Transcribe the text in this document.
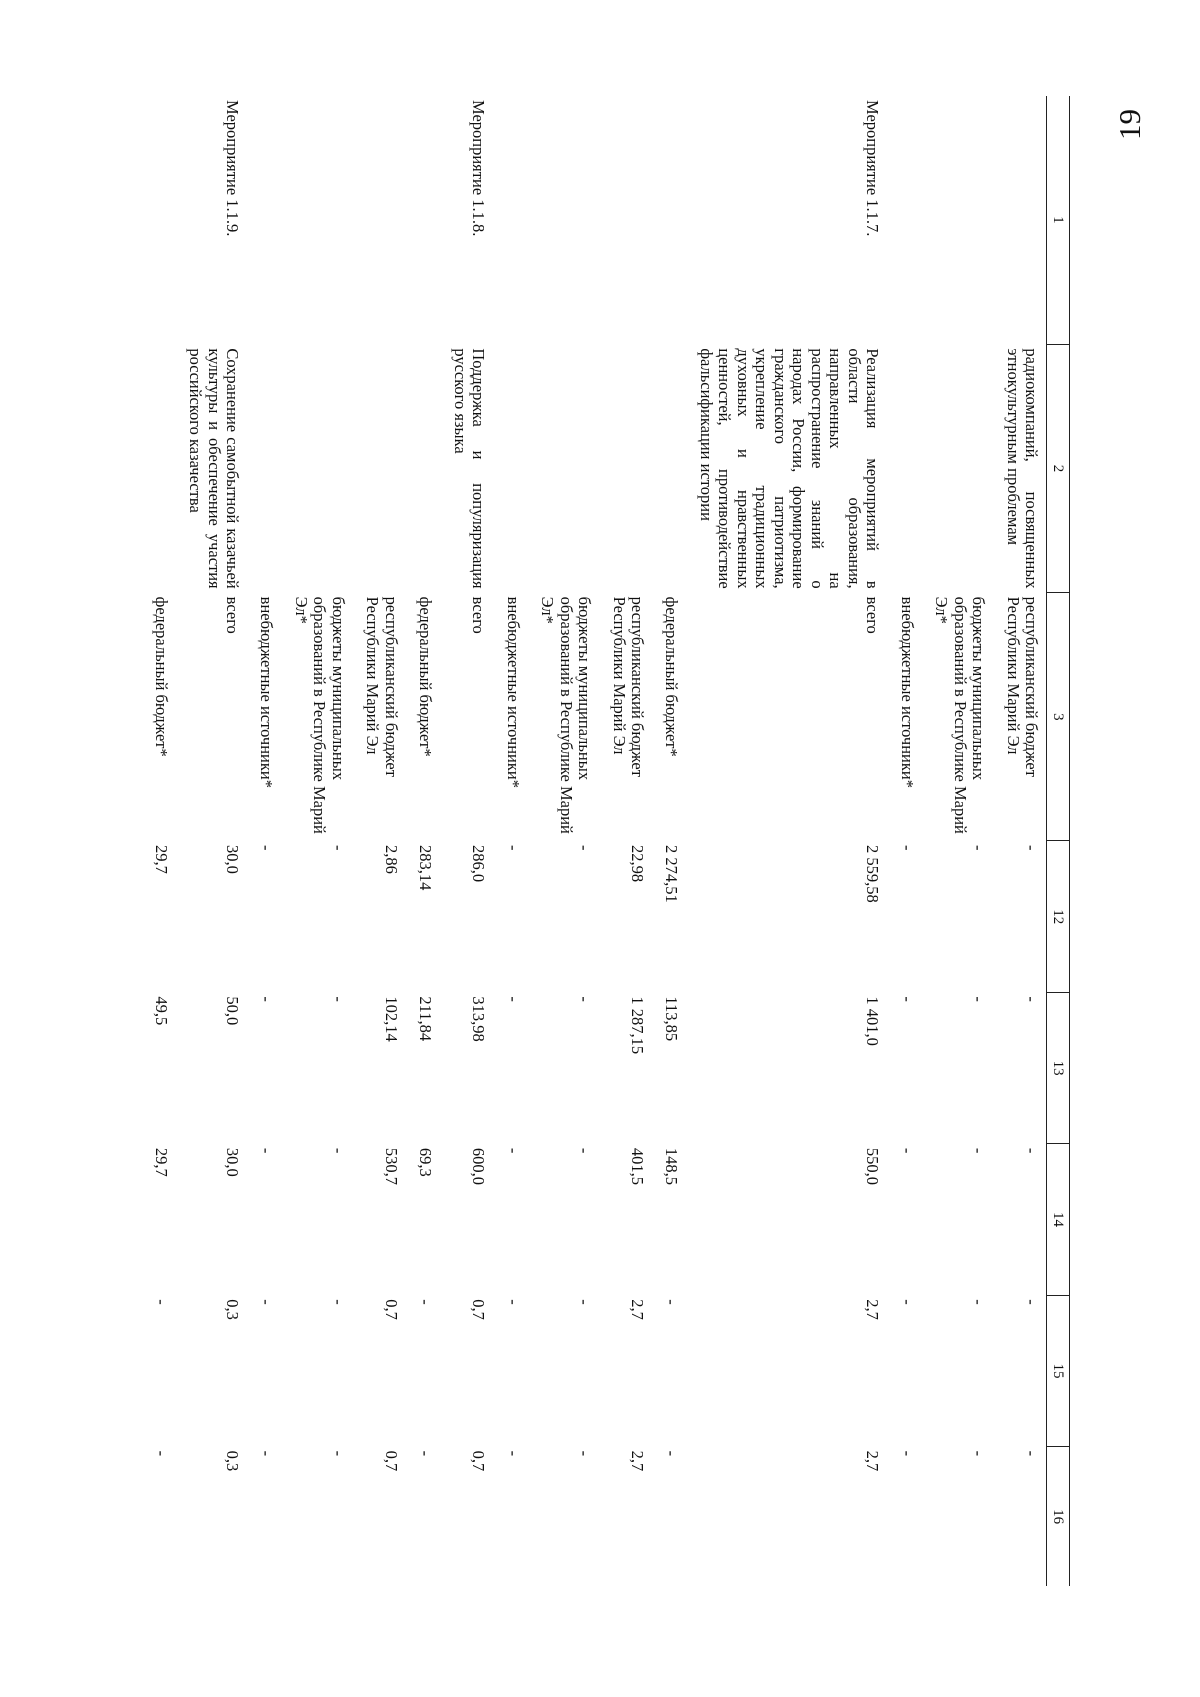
19
1	2	3	12	13	14	15	16
	радиокомпаний, посвященных этнокультурным проблемам	республиканский бюджет Республики Марий Эл	-	-	-	-	-
		бюджеты муниципальных образований в Республике Марий Эл*	-	-	-	-	-
		внебюджетные источники*	-	-	-	-	-
Мероприятие 1.1.7.	Реализация мероприятий в области образования, направленных на распространение знаний о народах России, формирование гражданского патриотизма, укрепление традиционных духовных и нравственных ценностей, противодействие фальсификации истории	всего	2 559,58	1 401,0	550,0	2,7	2,7
		федеральный бюджет*	2 274,51	113,85	148,5	-	-
		республиканский бюджет Республики Марий Эл	22,98	1 287,15	401,5	2,7	2,7
		бюджеты муниципальных образований в Республике Марий Эл*	-	-	-	-	-
		внебюджетные источники*	-	-	-	-	-
Мероприятие 1.1.8.	Поддержка и популяризация русского языка	всего	286,0	313,98	600,0	0,7	0,7
		федеральный бюджет*	283,14	211,84	69,3	-	-
		республиканский бюджет Республики Марий Эл	2,86	102,14	530,7	0,7	0,7
		бюджеты муниципальных образований в Республике Марий Эл*	-	-	-	-	-
		внебюджетные источники*	-	-	-	-	-
Мероприятие 1.1.9.	Сохранение самобытной казачьей культуры и обеспечение участия российского казачества	всего	30,0	50,0	30,0	0,3	0,3
		федеральный бюджет*	29,7	49,5	29,7	-	-
